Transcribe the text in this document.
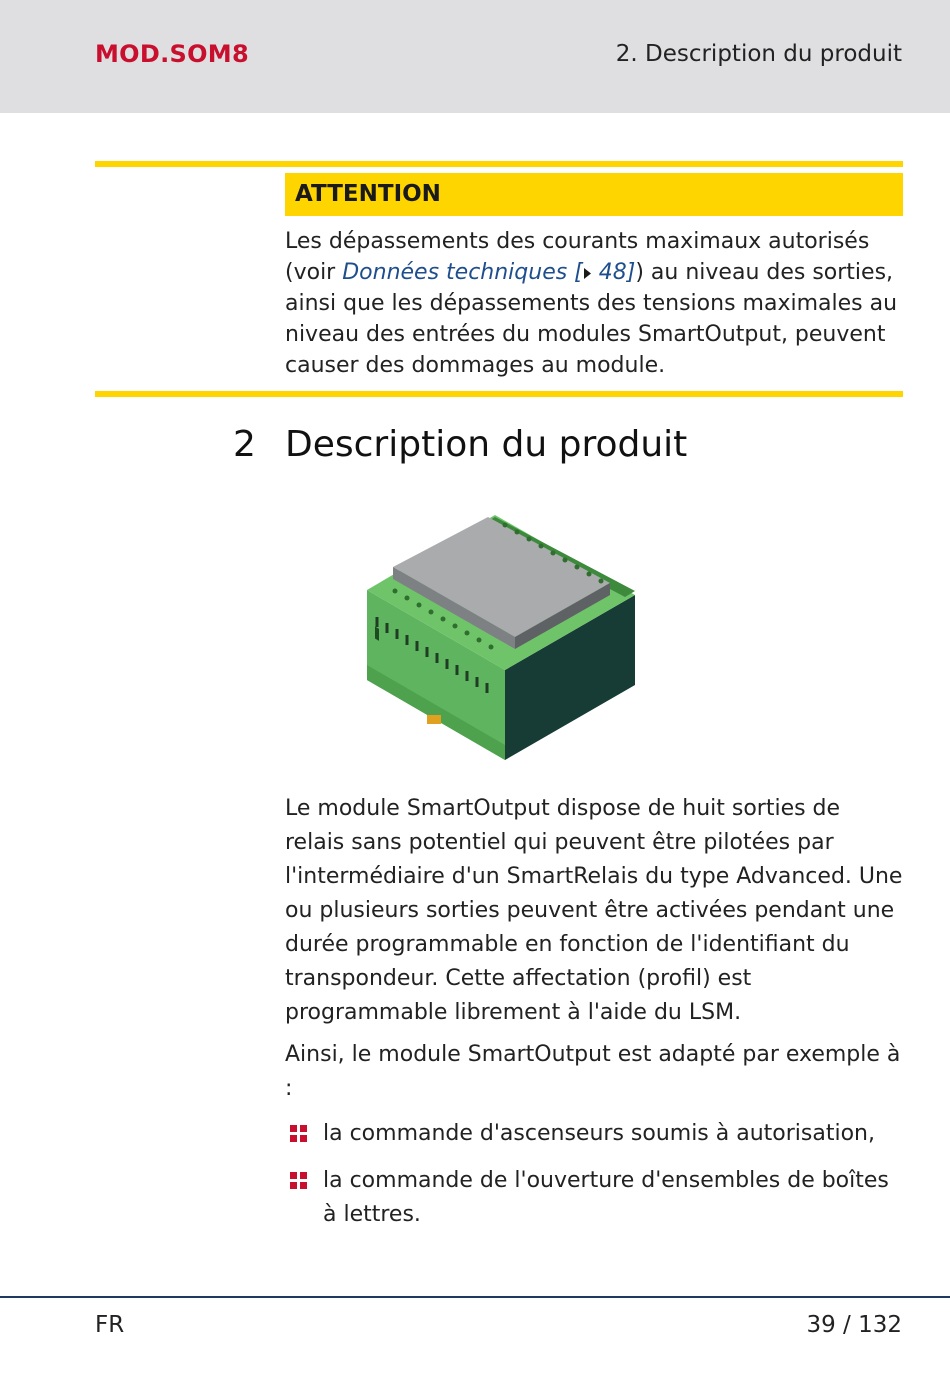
MOD.SOM8	2. Description du produit
ATTENTION

Les dépassements des courants maximaux autorisés (voir Données techniques [ 48]) au niveau des sorties, ainsi que les dépassements des tensions maximales au niveau des entrées du modules SmartOutput, peuvent causer des dommages au module.

2 Description du produit

Le module SmartOutput dispose de huit sorties de relais sans potentiel qui peuvent être pilotées par l'intermédiaire d'un SmartRelais du type Advanced. Une ou plusieurs sorties peuvent être activées pendant une durée programmable en fonction de l'identifiant du transpondeur. Cette affectation (profil) est programmable librement à l'aide du LSM.

Ainsi, le module SmartOutput est adapté par exemple à :

la commande d'ascenseurs soumis à autorisation,
la commande de l'ouverture d'ensembles de boîtes à lettres.
FR	39 / 132
